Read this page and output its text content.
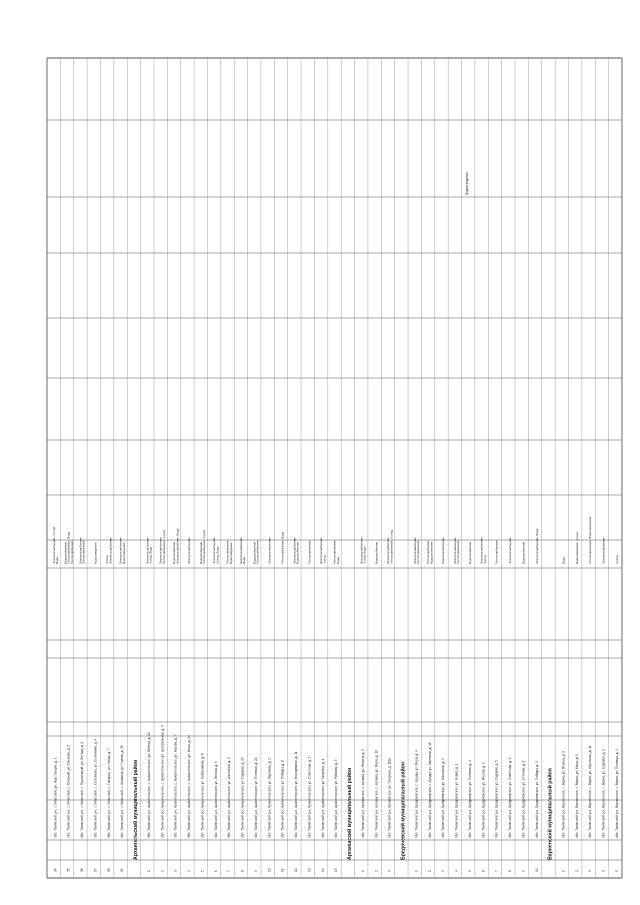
34
обл. Томинский р-н, с. Миасский, ул. Ж/д станция, д. 1
Электроснабжение, Холод Вода
35
обл. Томинский р-н, с. Миасский, с. Озерный, ул. Озерная, д. 5
Водоснабжение Теплоснабжение, Вода Теплоснабжение
36
обл. Томинский р-н, с. Миасский, с. Приозерный, ул. Лесная, д. 2
Электроснабжение Теплоснабжение
37
обл. Томинский р-н, с. Миасский, с. Селезнево, ул. Солнечная, д. 4
Водоотведение
38
обл. Томинский р-н, с. Миасский, с. Тимиряз., ул. Новая, д. 7
Холод Электроснабжение
39
обл. Томинский р-н, с. Миасский, с. Шимаков, ул. Горная, д. 30
Электроснабжение Водоотведение
Архангельский муниципальный район
1
обл. Томинский р-н, Архангельское, с. Архангельское, ул. Ленина, д. 12
Электроснабжение Холод, Вода
2
обл. Томинский р-н, Архангельское, с. Архангельское, ул. Центральная, д. 4
Электроснабжение Теплоснабжение, Холод
3
обл. Томинский р-н, Архангельское, с. Архангельское, ул. Кирова, д. 7
Водоснабжение Электроснабжение, Вода
4
обл. Томинский р-н, Архангельское, с. Архангельское, ул. Мира, д. 14
Электроснабжение
5
обл. Томинский р-н, Архангельское, ул. Набережная, д. 6
Водоснабжение Теплоснабжение, Холод
6
обл. Томинский р-н, Архангельское, ул. Лесная, д. 9
Электроснабжение Холод, Вода
7
обл. Томинский р-н, Архангельское, ул. Школьная, д. 3
Теплоснабжение Водоотведение
8
обл. Томинский р-н, Архангельское, ул. Садовая, д. 15
Электроснабжение Вода
9
обл. Томинский р-н, Архангельское, ул. Полевая, д. 21
Водоснабжение Теплоснабжение
10
обл. Томинский р-н, Архангельское, ул. Заречная, д. 2
Электроснабжение
11
обл. Томинский р-н, Архангельское, ул. Победы, д. 8
Теплоснабжение, Вода
12
обл. Томинский р-н, Архангельское, ул. Молодежная, д. 11
Электроснабжение Водоснабжение
13
обл. Томинский р-н, Архангельское, ул. Советская, д. 5
Теплоснабжение
14
обл. Томинский р-н, Архангельское, ул. Гагарина, д. 1
Электроснабжение Холод
15
обл. Томинский р-н, Архангельское, ул. Рабочая, д. 5
Теплоснабжение Вода
Аргаяшский муниципальный район
1
обл. Томинский р-н, Аргаяшское, с. Аргаяш, ул. Ленина, д. 2
Электроснабжение Холод, Вода
2
обл. Томинский р-н, Аргаяшское, с. Аргаяш, ул. Мира, д. 10
Водоснабжение
3
обл. Томинский р-н, Аргаяшское, ул. Гагарина, д. 111а
Электроснабжение Теплоснабжение, Холод
Бредочевский муниципальный район
1
обл. Томинский р-н, Бредочевское, с. Бреды, ул. Мира, д. 4
Электроснабжение Теплоснабжение
2
обл. Томинский р-н, Бредочевское, с. Бреды, ул. Заречная, д. 16
Теплоснабжение Водоснабжение
3
обл. Томинский р-н, Бредочевское, ул. Школьная, д. 3
Электроснабжение
4
обл. Томинский р-н, Бредочевское, ул. Новая, д. 1
Электроснабжение Теплоснабжение
5
обл. Томинский р-н, Бредочевское, ул. Полевая, д. 4
Водоснабжение
6
обл. Томинский р-н, Бредочевское, ул. Лесная, д. 9
Электроснабжение Холод
7
обл. Томинский р-н, Бредочевское, ул. Садовая, д. 5
Теплоснабжение
8
обл. Томинский р-н, Бредочевское, ул. Советская, д. 2
Электроснабжение
9
обл. Томинский р-н, Бредочевское, ул. Степная, д. 6
Водоснабжение
10
обл. Томинский р-н, Бредочевское, ул. Победы, д. 3
Электроснабжение, Вода
Варненский муниципальный район
1
обл. Томинский р-н, Варненское, с. Варна, ул. Ленина, д. 2
Вода
2
обл. Томинский р-н, Варненское, с. Варна, ул. Мира, д. 5
Водоотведение, Холод
3
обл. Томинский р-н, Варненское, с. Варна, ул. Школьная, д. 11
Теплоснабжение, Водоснабжение
4
обл. Томинский р-н, Варненское, с. Варна, ул. Садовая, д. 1
Электроснабжение
5
обл. Томинский р-н, Варненское, с. Варна, ул. Полевая, д. 4
Холод
Водоотведение
